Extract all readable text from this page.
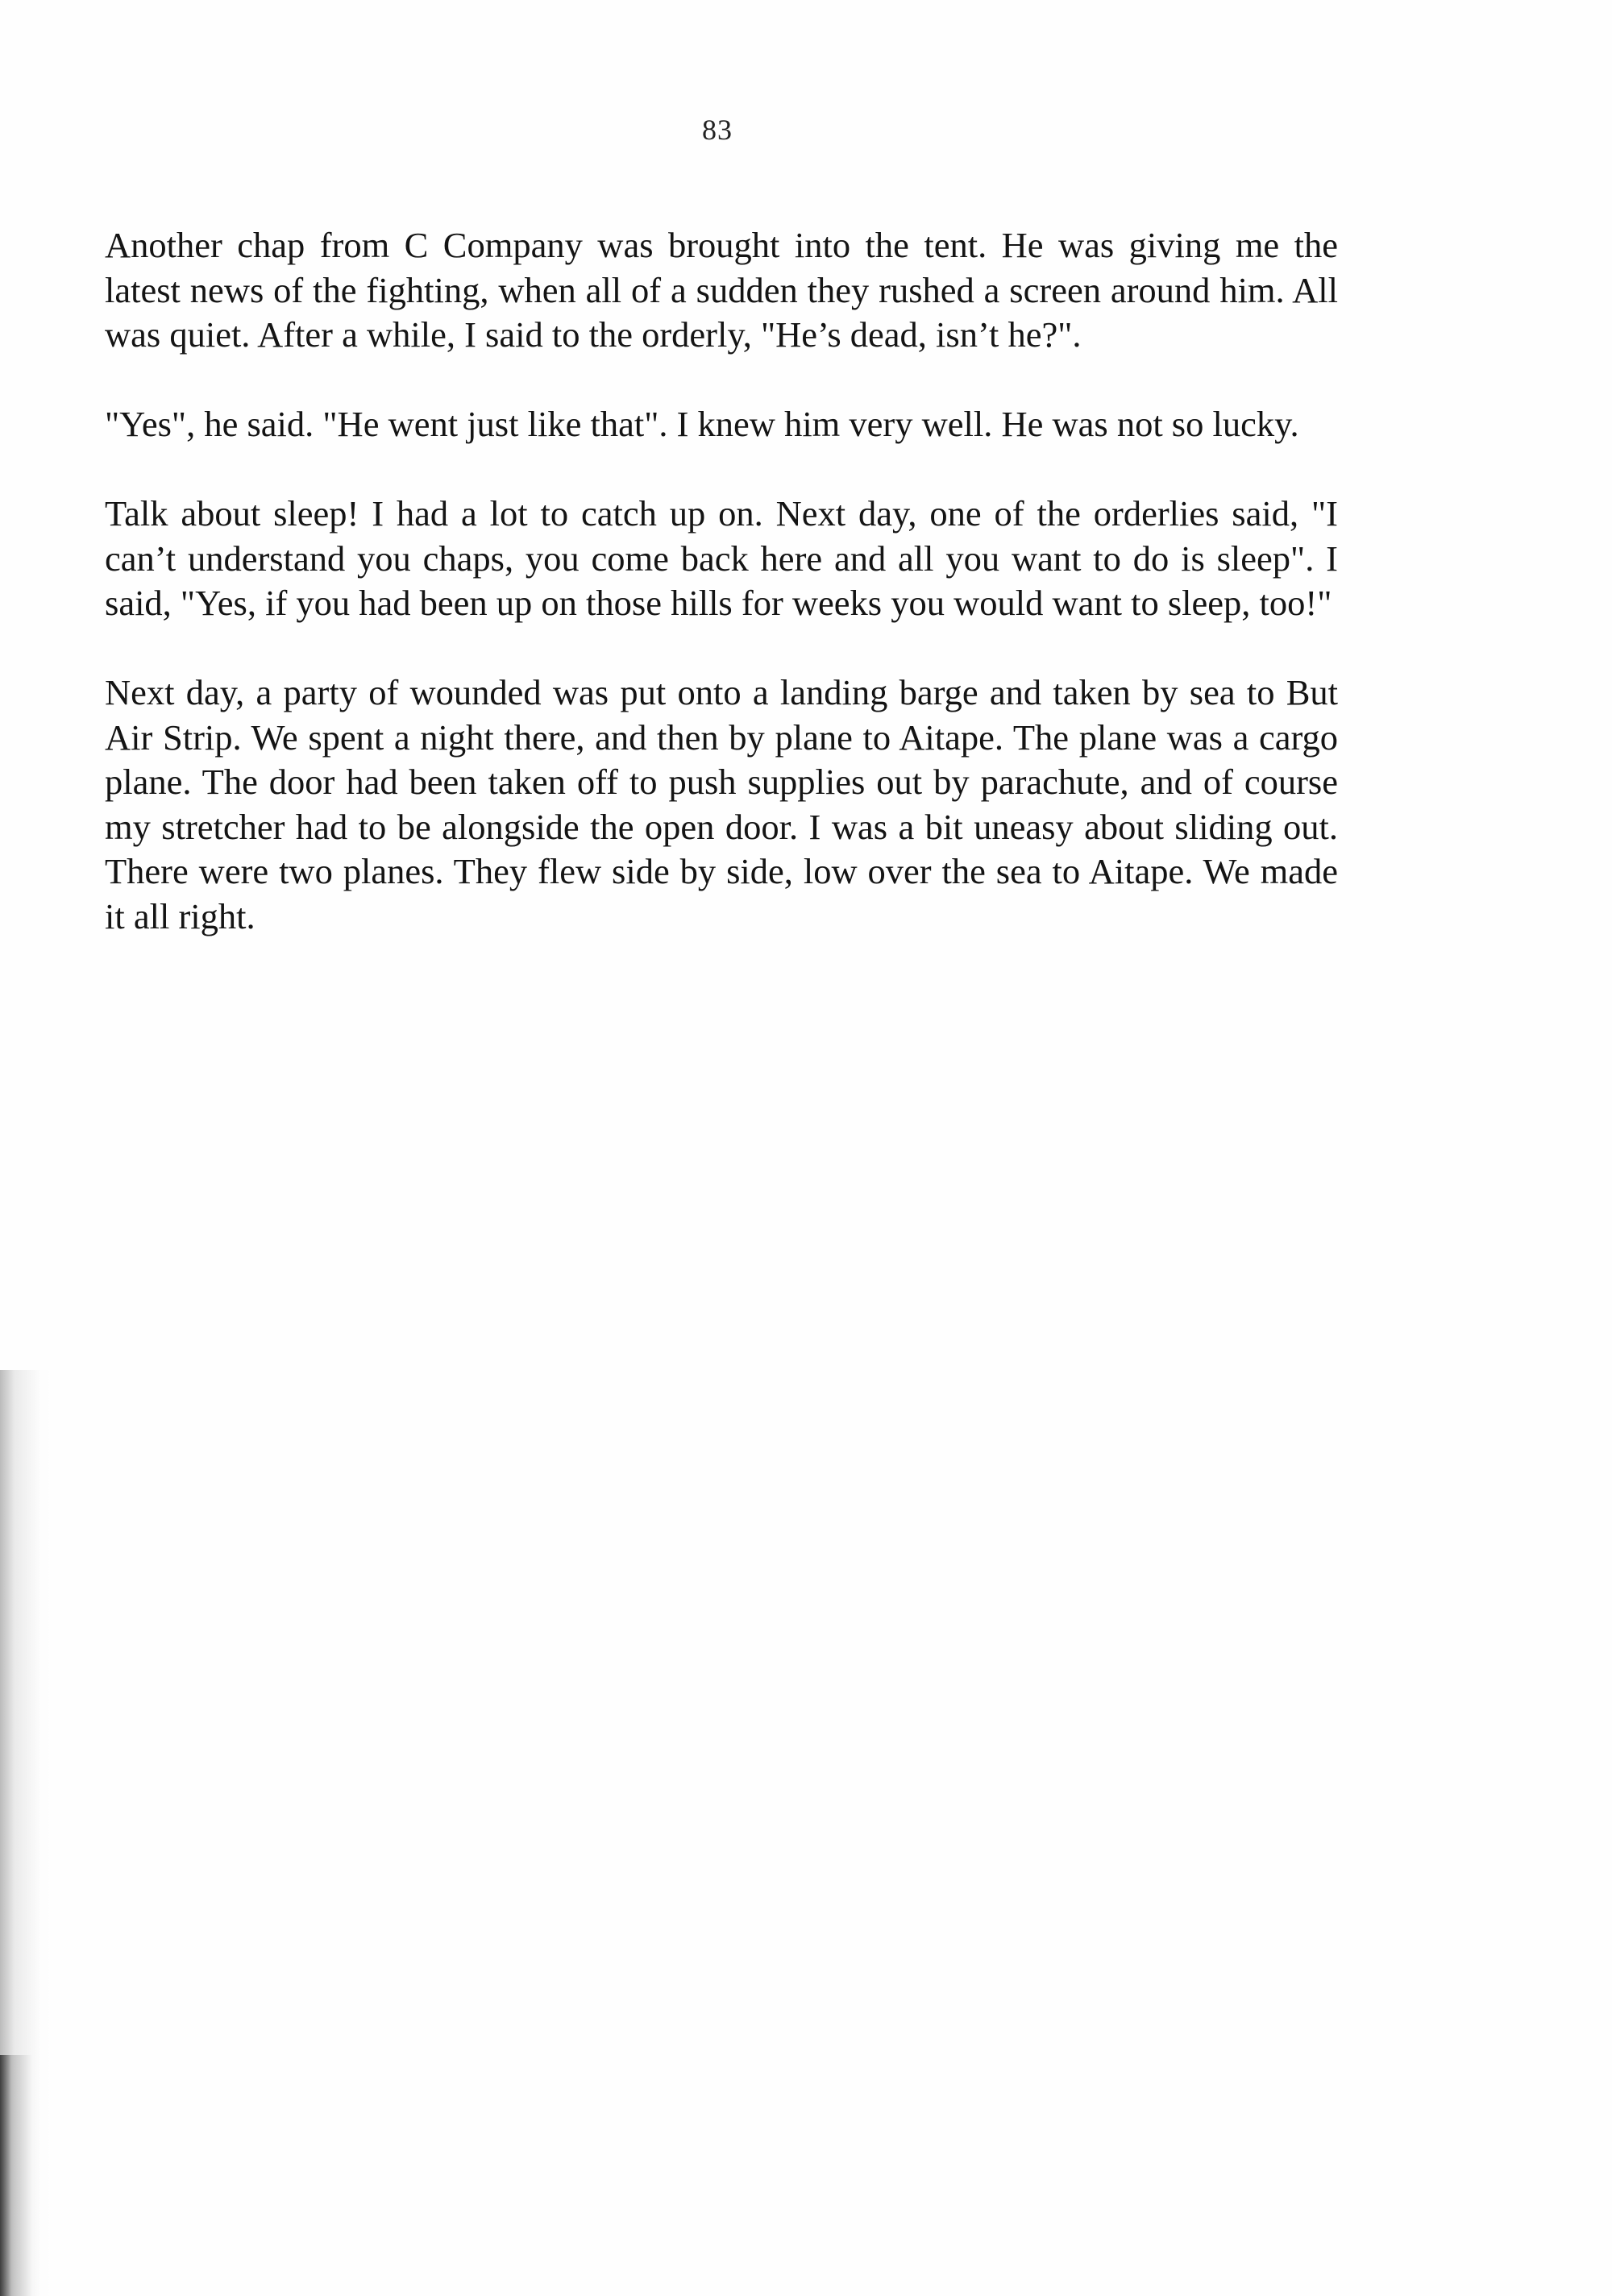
83

Another chap from C Company was brought into the tent. He was giving me the latest news of the fighting, when all of a sudden they rushed a screen around him. All was quiet. After a while, I said to the orderly, "He’s dead, isn’t he?".

"Yes", he said. "He went just like that". I knew him very well. He was not so lucky.

Talk about sleep! I had a lot to catch up on. Next day, one of the orderlies said, "I can’t understand you chaps, you come back here and all you want to do is sleep". I said, "Yes, if you had been up on those hills for weeks you would want to sleep, too!"

Next day, a party of wounded was put onto a landing barge and taken by sea to But Air Strip. We spent a night there, and then by plane to Aitape. The plane was a cargo plane. The door had been taken off to push supplies out by parachute, and of course my stretcher had to be alongside the open door. I was a bit uneasy about sliding out. There were two planes. They flew side by side, low over the sea to Aitape. We made it all right.
